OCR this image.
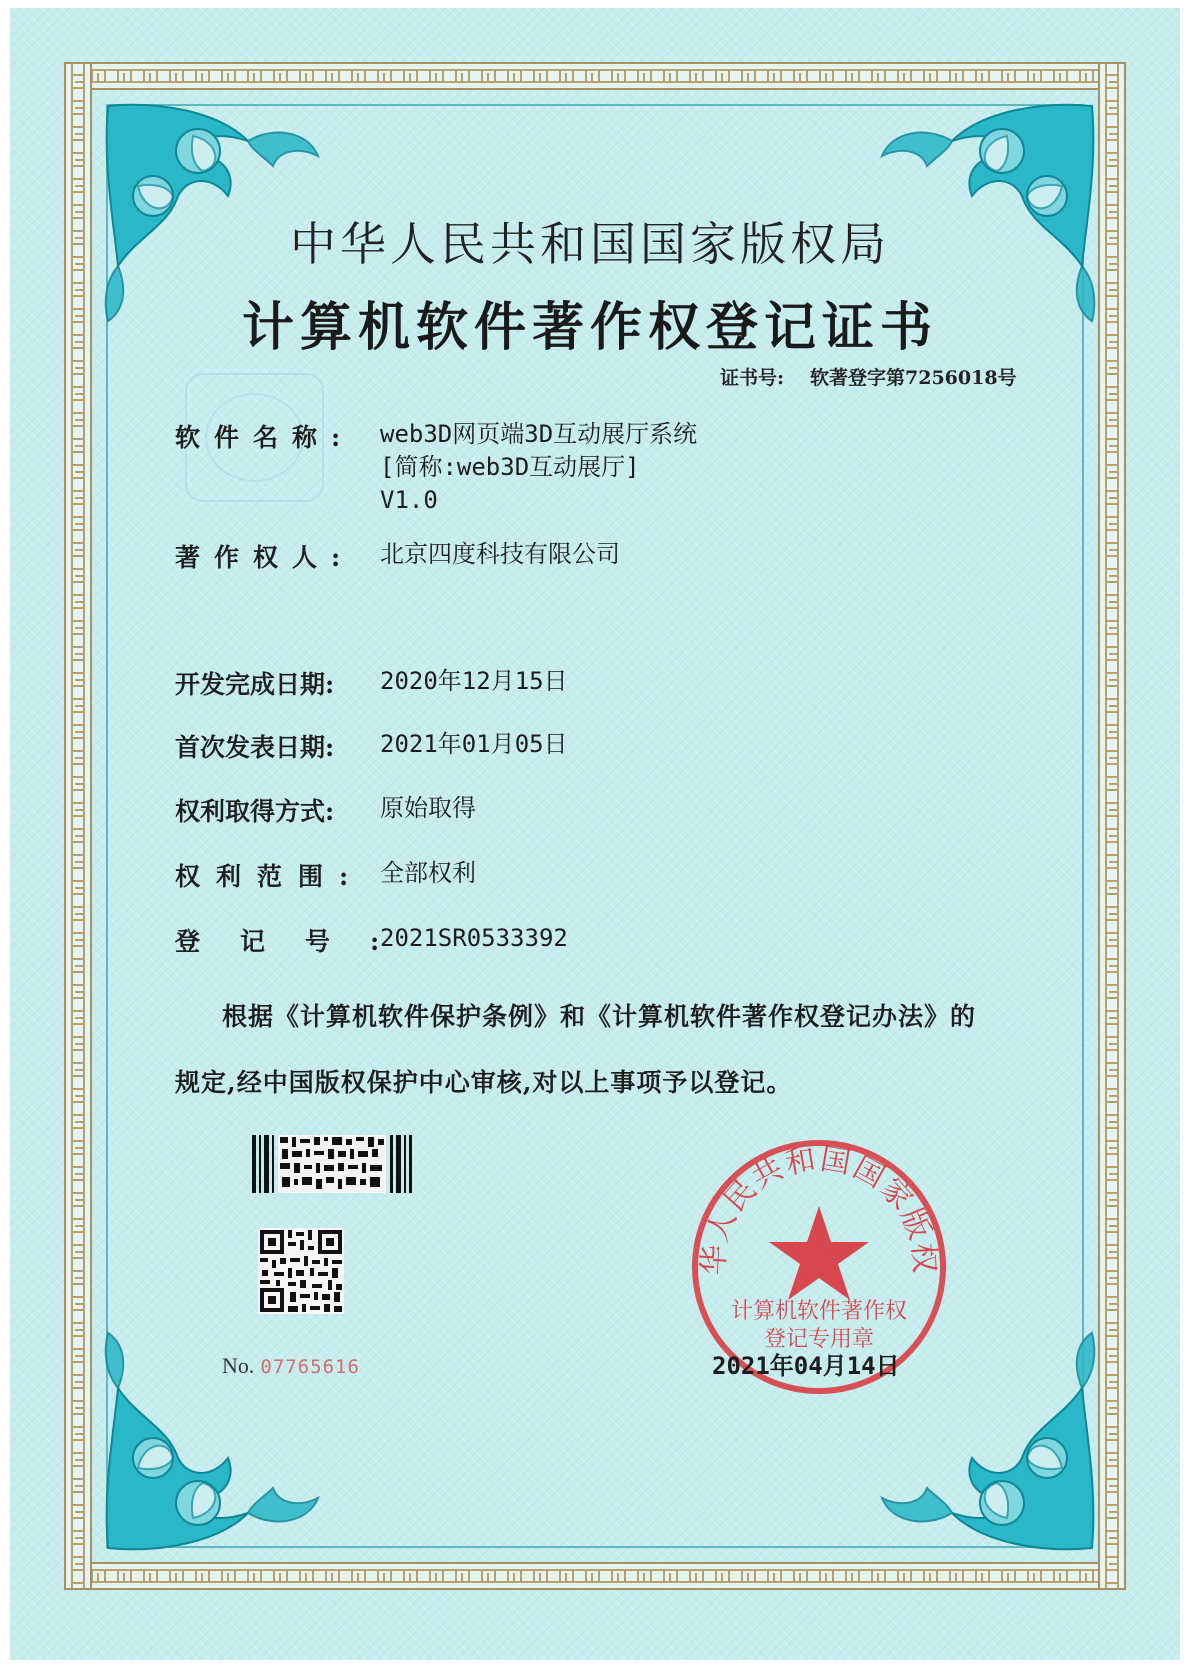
中华人民共和国国家版权局
计算机软件著作权登记证书
证书号: 软著登字第7256018号
软件名称: web3D网页端3D互动展厅系统
[简称:web3D互动展厅]
V1.0
著作权人: 北京四度科技有限公司
开发完成日期:	2020年12月15日
首次发表日期:	2021年01月05日
权利取得方式:	原始取得
权利范围: 全部权利
登记号:
2021SR0533392
根据《计算机软件保护条例》和《计算机软件著作权登记办法》的
规定,经中国版权保护中心审核,对以上事项予以登记。
No. 07765616
华人民共和国国家版权
计算机软件著作权
登记专用章
2021年04月14日
